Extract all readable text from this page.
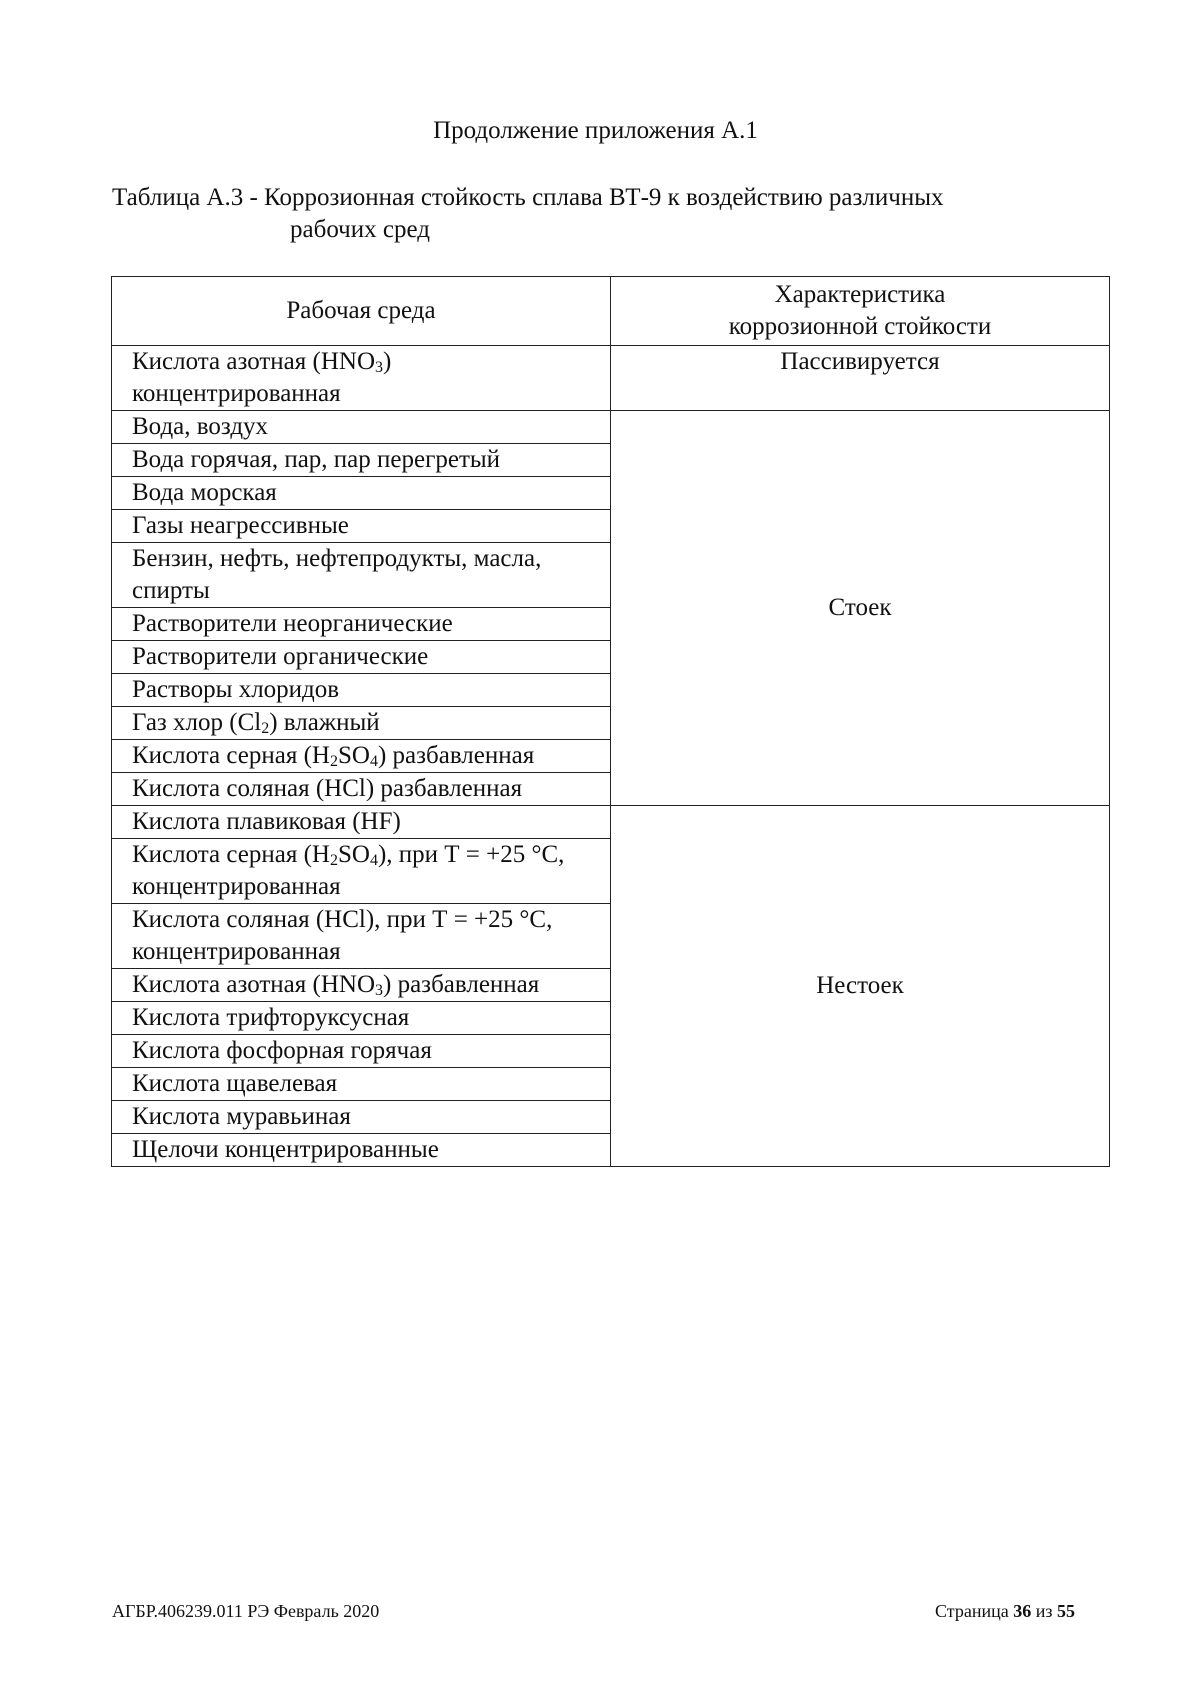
Продолжение приложения А.1
Таблица А.3 - Коррозионная стойкость сплава ВТ-9 к воздействию различных
рабочих сред
Рабочая среда	Характеристика
коррозионной стойкости
Кислота азотная $(HNO_3)$ концентрированная	Пассивируется
Вода, воздух	Стоек
Вода горячая, пар, пар перегретый	
Вода морская	
Газы неагрессивные	
Бензин, нефть, нефтепродукты, масла, спирты	
Растворители неорганические	
Растворители органические	
Растворы хлоридов	
Газ хлор $(Cl_2)$ влажный	
Кислота серная $(H_2SO_4)$ разбавленная	
Кислота соляная (HCl) разбавленная	
Кислота плавиковая (HF)	Нестоек
Кислота серная $(H_2SO_4)$, при Т = +25 °С, концентрированная	
Кислота соляная (HCl), при Т = +25 °С, концентрированная	
Кислота азотная $(HNO_3)$ разбавленная	
Кислота трифторуксусная	
Кислота фосфорная горячая	
Кислота щавелевая	
Кислота муравьиная	
Щелочи концентрированные	
АГБР.406239.011 РЭ Февраль 2020	Страница 36 из 55
